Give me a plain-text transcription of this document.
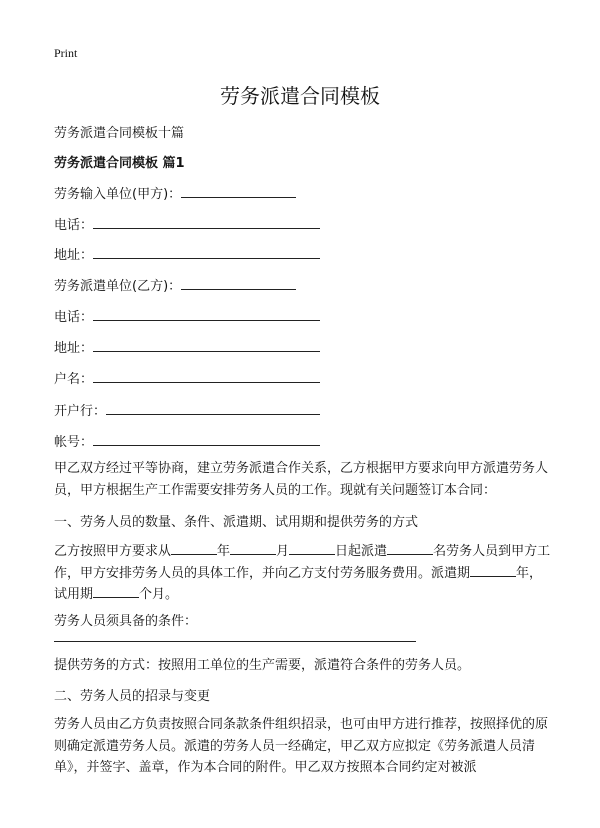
Print
劳务派遣合同模板
劳务派遣合同模板十篇
劳务派遣合同模板 篇1
劳务输入单位(甲方)：
电话：
地址：
劳务派遣单位(乙方)：
电话：
地址：
户名：
开户行：
帐号：
甲乙双方经过平等协商，建立劳务派遣合作关系，乙方根据甲方要求向甲方派遣劳务人员，甲方根据生产工作需要安排劳务人员的工作。现就有关问题签订本合同：
一、劳务人员的数量、条件、派遣期、试用期和提供劳务的方式
乙方按照甲方要求从	年	月	日起派遣	名劳务人员到甲方工作，甲方安排劳务人员的具体工作，并向乙方支付劳务服务费用。派遣期	年，试用期	个月。
劳务人员须具备的条件：
提供劳务的方式：按照用工单位的生产需要，派遣符合条件的劳务人员。
二、劳务人员的招录与变更
劳务人员由乙方负责按照合同条款条件组织招录，也可由甲方进行推荐，按照择优的原则确定派遣劳务人员。派遣的劳务人员一经确定，甲乙双方应拟定《劳务派遣人员清单》，并签字、盖章，作为本合同的附件。甲乙双方按照本合同约定对被派
